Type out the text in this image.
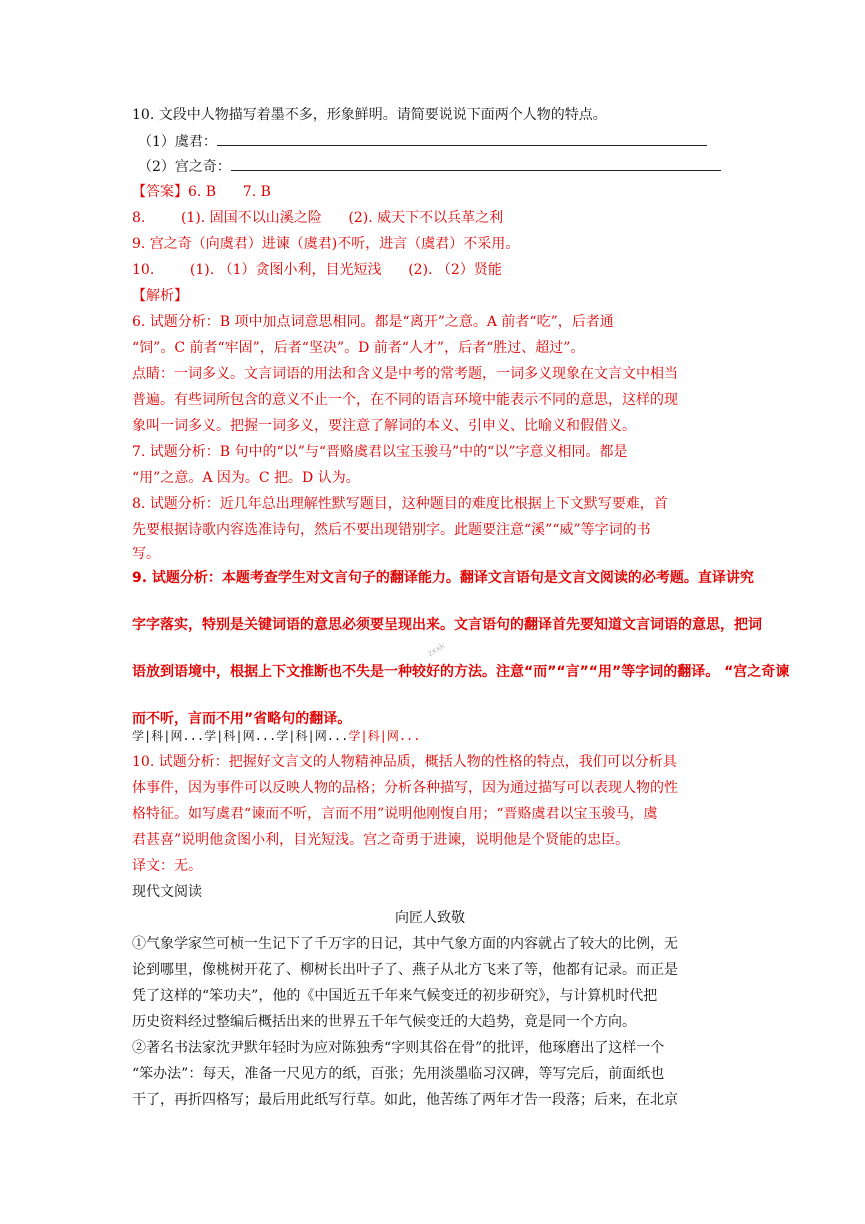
10. 文段中人物描写着墨不多，形象鲜明。请简要说说下面两个人物的特点。
（1）虞君：
（2）宫之奇：
【答案】6. B      7. B
8.        (1). 固国不以山溪之险      (2). 威天下不以兵革之利
9. 宫之奇（向虞君）进谏（虞君)不听，进言（虞君）不采用。
10.        (1). （1）贪图小利，目光短浅      (2). （2）贤能
【解析】
6. 试题分析：B 项中加点词意思相同。都是“离开”之意。A 前者“吃”，后者通
“饲”。C 前者“牢固”，后者“坚决”。D 前者“人才”，后者“胜过、超过”。
点睛：一词多义。文言词语的用法和含义是中考的常考题，一词多义现象在文言文中相当
普遍。有些词所包含的意义不止一个，在不同的语言环境中能表示不同的意思，这样的现
象叫一词多义。把握一词多义，要注意了解词的本义、引申义、比喻义和假借义。
7. 试题分析：B 句中的“以”与“晋赂虞君以宝玉骏马”中的“以”字意义相同。都是
“用”之意。A 因为。C 把。D 认为。
8. 试题分析：近几年总出理解性默写题目，这种题目的难度比根据上下文默写要难，首
先要根据诗歌内容选准诗句，然后不要出现错别字。此题要注意“溪”“威”等字词的书
写。
9. 试题分析：本题考查学生对文言句子的翻译能力。翻译文言语句是文言文阅读的必考题。直译讲究
字字落实，特别是关键词语的意思必须要呈现出来。文言语句的翻译首先要知道文言词语的意思，把词
语放到语境中，根据上下文推断也不失是一种较好的方法。注意“而”“言”“用”等字词的翻译。 “宫之奇谏
而不听，言而不用”省略句的翻译。
zxxk
学|科|网...学|科|网...学|科|网...学|科|网...
10. 试题分析：把握好文言文的人物精神品质，概括人物的性格的特点，我们可以分析具
体事件，因为事件可以反映人物的品格；分析各种描写，因为通过描写可以表现人物的性
格特征。如写虞君“谏而不听，言而不用”说明他刚愎自用；“晋赂虞君以宝玉骏马，虞
君甚喜”说明他贪图小利，目光短浅。宫之奇勇于进谏，说明他是个贤能的忠臣。
译文：无。
现代文阅读
向匠人致敬
①气象学家竺可桢一生记下了千万字的日记，其中气象方面的内容就占了较大的比例，无
论到哪里，像桃树开花了、柳树长出叶子了、燕子从北方飞来了等，他都有记录。而正是
凭了这样的“笨功夫”，他的《中国近五千年来气候变迁的初步研究》，与计算机时代把
历史资料经过整编后概括出来的世界五千年气候变迁的大趋势，竟是同一个方向。
②著名书法家沈尹默年轻时为应对陈独秀“字则其俗在骨”的批评，他琢磨出了这样一个
“笨办法”：每天，准备一尺见方的纸，百张；先用淡墨临习汉碑，等写完后，前面纸也
干了，再折四格写；最后用此纸写行草。如此，他苦练了两年才告一段落；后来，在北京
